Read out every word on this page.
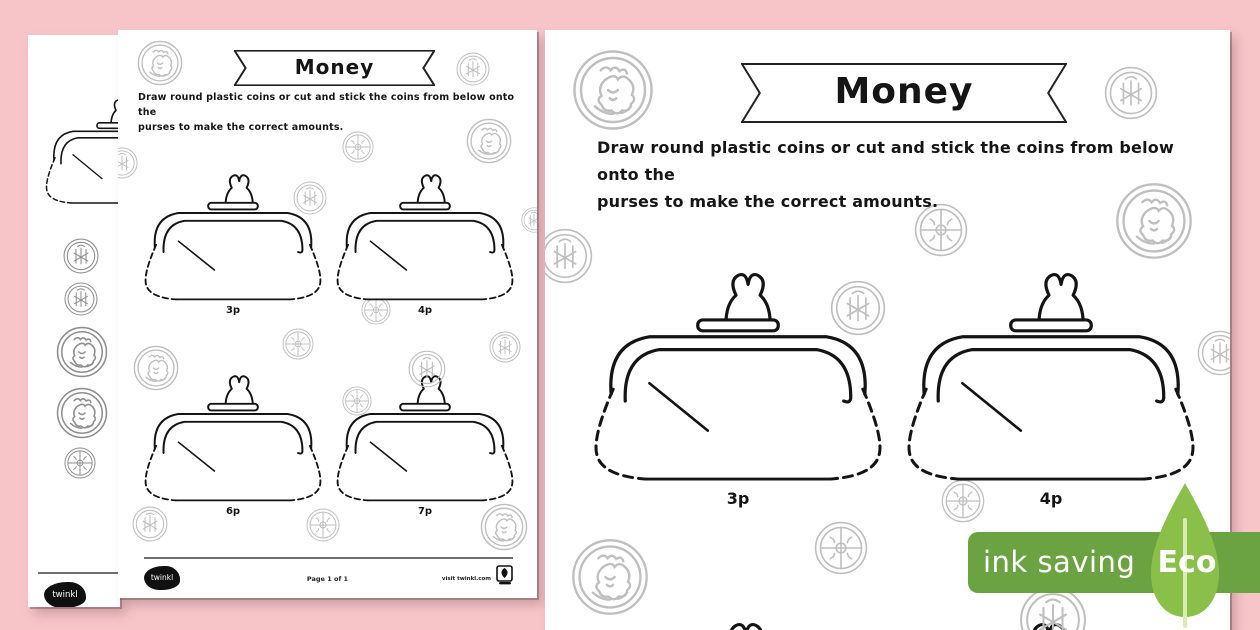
twinkl
Money
Draw round plastic coins or cut and stick the coins from below onto the
purses to make the correct amounts.
3p	4p
6p	7p
twinkl	Page 1 of 1	visit twinkl.com
Money
Draw round plastic coins or cut and stick the coins from below onto the
purses to make the correct amounts.
3p	4p
ink saving Eco
